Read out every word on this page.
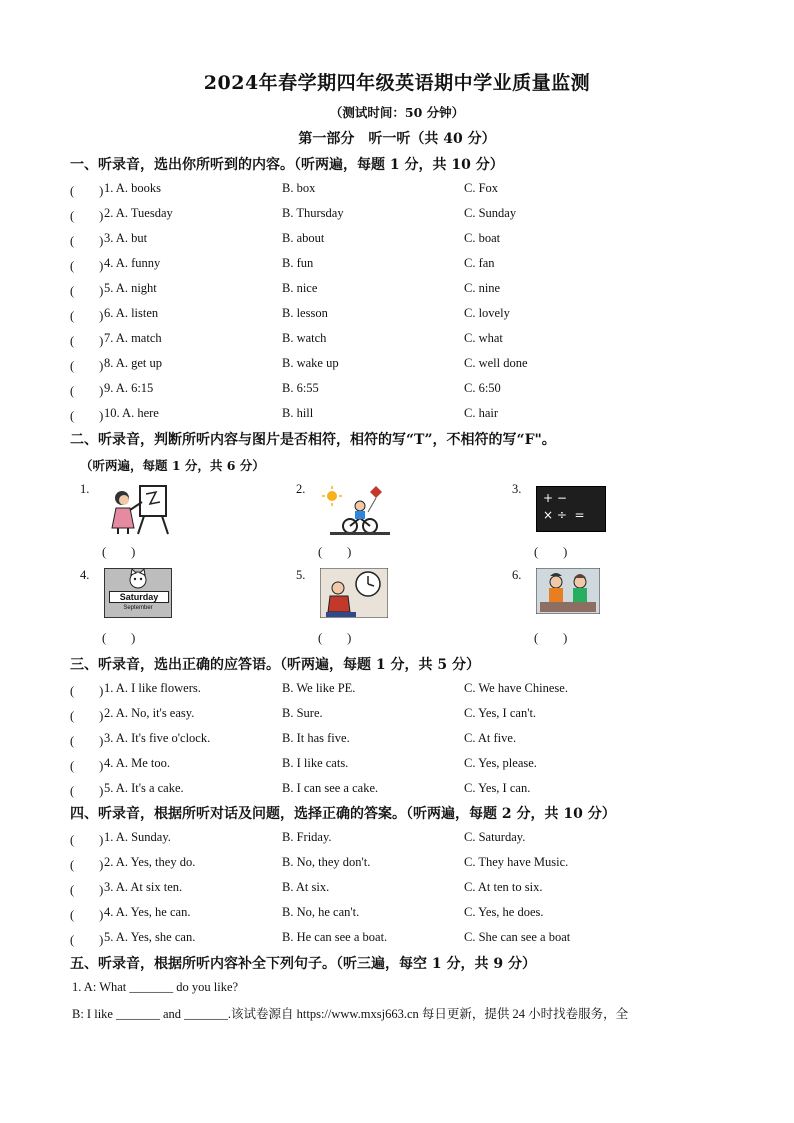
2024年春学期四年级英语期中学业质量监测
（测试时间：50 分钟）
第一部分　听一听（共 40 分）
一、听录音，选出你所听到的内容。（听两遍，每题 1 分，共 10 分）
(　　) 1. A. books	B. box	C. Fox
(　　) 2. A. Tuesday	B. Thursday	C. Sunday
(　　) 3. A. but	B. about	C. boat
(　　) 4. A. funny	B. fun	C. fan
(　　) 5. A. night	B. nice	C. nine
(　　) 6. A. listen	B. lesson	C. lovely
(　　) 7. A. match	B. watch	C. what
(　　) 8. A. get up	B. wake up	C. well done
(　　) 9. A. 6:15	B. 6:55	C. 6:50
(　　) 10. A. here	B. hill	C. hair
二、听录音，判断所听内容与图片是否相符，相符的写“T”，不相符的写“F"。
（听两遍，每题 1 分，共 6 分）
1.
(　　)
2.
(　　)
3.
+ −
× ÷  =
(　　)
4.
Saturday
September
(　　)
5.
(　　)
6.
(　　)
三、听录音，选出正确的应答语。（听两遍，每题 1 分，共 5 分）
(　　) 1. A. I like flowers.	B. We like PE.	C. We have Chinese.
(　　) 2. A. No, it's easy.	B. Sure.	C. Yes, I can't.
(　　) 3. A. It's five o'clock.	B. It has five.	C. At five.
(　　) 4. A. Me too.	B. I like cats.	C. Yes, please.
(　　) 5. A. It's a cake.	B. I can see a cake.	C. Yes, I can.
四、听录音，根据所听对话及问题，选择正确的答案。（听两遍，每题 2 分，共 10 分）
(　　) 1. A. Sunday.	B. Friday.	C. Saturday.
(　　) 2. A. Yes, they do.	B. No, they don't.	C. They have Music.
(　　) 3. A. At six ten.	B. At six.	C. At ten to six.
(　　) 4. A. Yes, he can.	B. No, he can't.	C. Yes, he does.
(　　) 5. A. Yes, she can.	B. He can see a boat.	C. She can see a boat
五、听录音，根据所听内容补全下列句子。（听三遍，每空 1 分，共 9 分）
1. A: What _______ do you like?
B: I like _______ and _______.该试卷源自 https://www.mxsj663.cn 每日更新，提供 24 小时找卷服务，全
